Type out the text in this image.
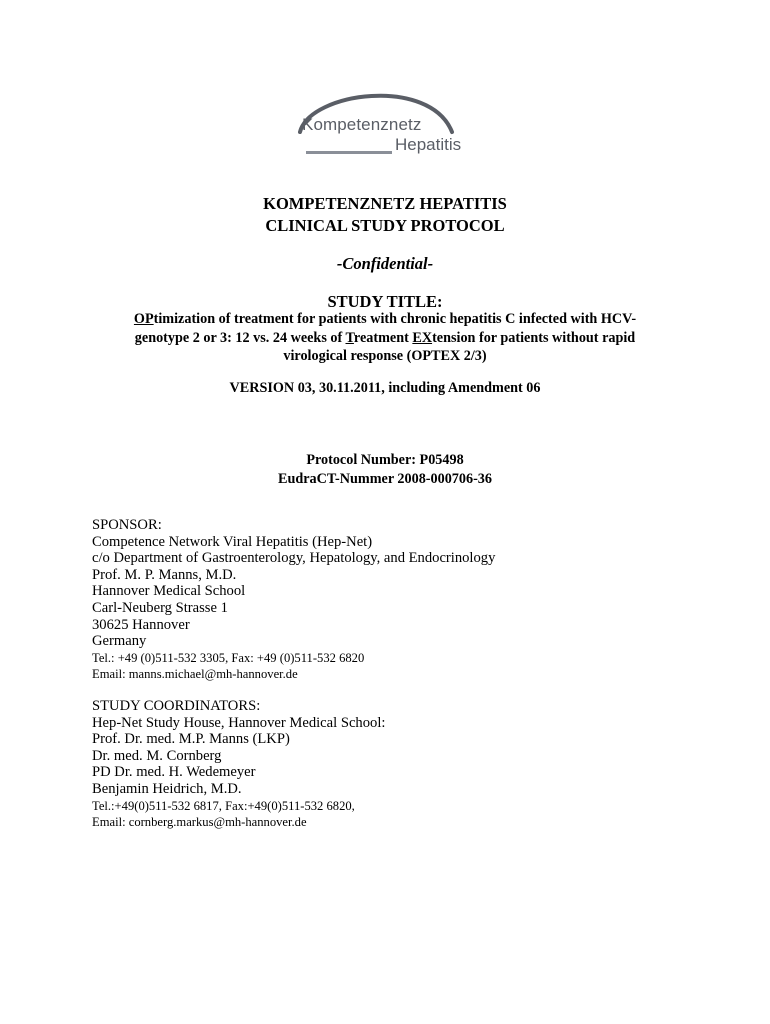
Kompetenznetz
Hepatitis
KOMPETENZNETZ HEPATITIS
CLINICAL STUDY PROTOCOL
-Confidential-
STUDY TITLE:
OPtimization of treatment for patients with chronic hepatitis C infected with HCV-
genotype 2 or 3: 12 vs. 24 weeks of Treatment EXtension for patients without rapid
virological response (OPTEX 2/3)
VERSION 03, 30.11.2011, including Amendment 06
Protocol Number: P05498
EudraCT-Nummer 2008-000706-36
SPONSOR:
Competence Network Viral Hepatitis (Hep-Net)
c/o Department of Gastroenterology, Hepatology, and Endocrinology
Prof. M. P. Manns, M.D.
Hannover Medical School
Carl-Neuberg Strasse 1
30625 Hannover
Germany
Tel.: +49 (0)511-532 3305, Fax: +49 (0)511-532 6820
Email: manns.michael@mh-hannover.de
STUDY COORDINATORS:
Hep-Net Study House, Hannover Medical School:
Prof. Dr. med. M.P. Manns (LKP)
Dr. med. M. Cornberg
PD Dr. med. H. Wedemeyer
Benjamin Heidrich, M.D.
Tel.:+49(0)511-532 6817, Fax:+49(0)511-532 6820,
Email: cornberg.markus@mh-hannover.de
